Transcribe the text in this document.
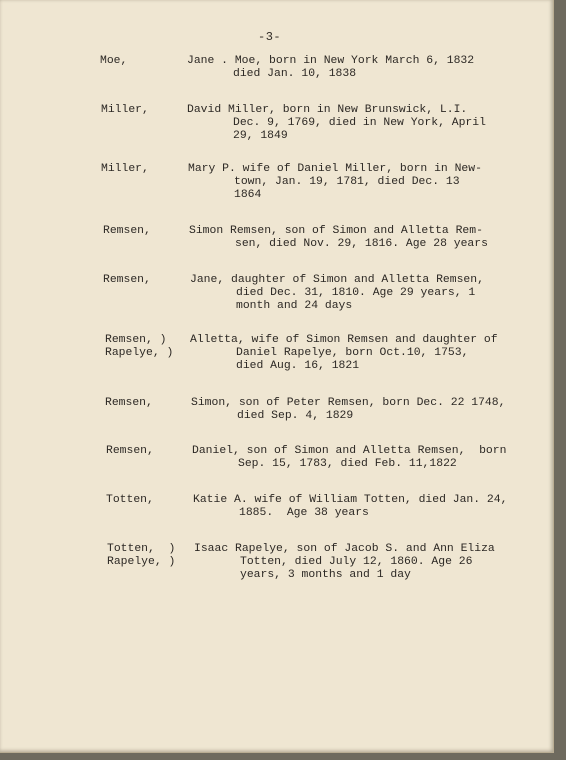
-3-
Moe,	Jane . Moe, born in New York March 6, 1832
died Jan. 10, 1838
Miller,	David Miller, born in New Brunswick, L.I.
Dec. 9, 1769, died in New York, April
29, 1849
Miller,	Mary P. wife of Daniel Miller, born in New-
town, Jan. 19, 1781, died Dec. 13
1864
Remsen,	Simon Remsen, son of Simon and Alletta Rem-
sen, died Nov. 29, 1816. Age 28 years
Remsen,	Jane, daughter of Simon and Alletta Remsen,
died Dec. 31, 1810. Age 29 years, 1
month and 24 days
Remsen, )
Rapelye, )
Alletta, wife of Simon Remsen and daughter of
Daniel Rapelye, born Oct.10, 1753,
died Aug. 16, 1821
Remsen,	Simon, son of Peter Remsen, born Dec. 22 1748,
died Sep. 4, 1829
Remsen,	Daniel, son of Simon and Alletta Remsen,  born
Sep. 15, 1783, died Feb. 11,1822
Totten,	Katie A. wife of William Totten, died Jan. 24,
1885.  Age 38 years
Totten,  )
Rapelye, )
Isaac Rapelye, son of Jacob S. and Ann Eliza
Totten, died July 12, 1860. Age 26
years, 3 months and 1 day
